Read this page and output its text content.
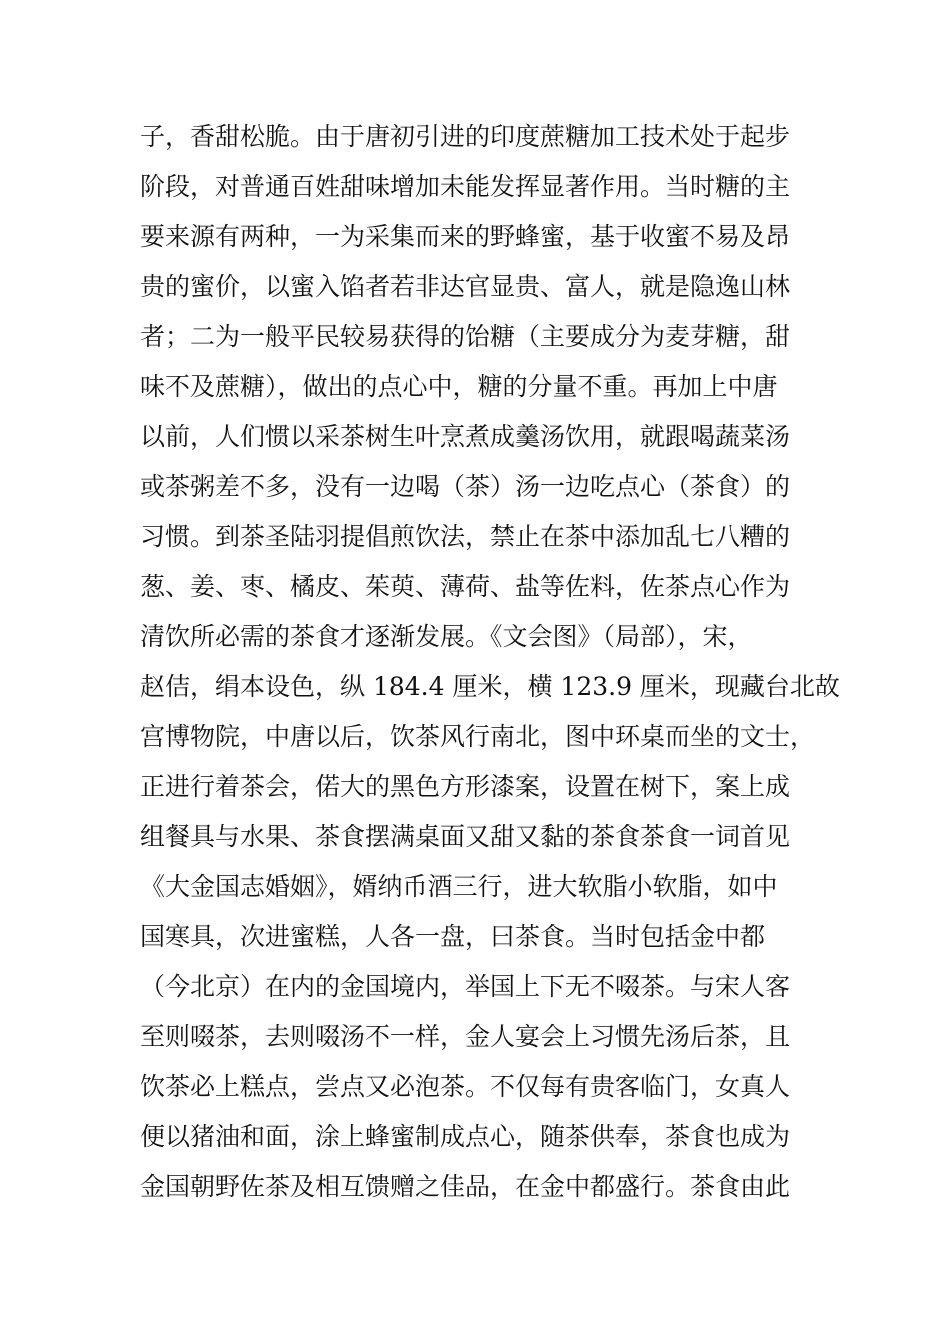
子，香甜松脆。由于唐初引进的印度蔗糖加工技术处于起步
阶段，对普通百姓甜味增加未能发挥显著作用。当时糖的主
要来源有两种，一为采集而来的野蜂蜜，基于收蜜不易及昂
贵的蜜价，以蜜入馅者若非达官显贵、富人，就是隐逸山林
者；二为一般平民较易获得的饴糖（主要成分为麦芽糖，甜
味不及蔗糖），做出的点心中，糖的分量不重。再加上中唐
以前，人们惯以采茶树生叶烹煮成羹汤饮用，就跟喝蔬菜汤
或茶粥差不多，没有一边喝（茶）汤一边吃点心（茶食）的
习惯。到茶圣陆羽提倡煎饮法，禁止在茶中添加乱七八糟的
葱、姜、枣、橘皮、茱萸、薄荷、盐等佐料，佐茶点心作为
清饮所必需的茶食才逐渐发展。《文会图》（局部），宋，
赵佶，绢本设色，纵 184.4 厘米，横 123.9 厘米，现藏台北故
宫博物院，中唐以后，饮茶风行南北，图中环桌而坐的文士，
正进行着茶会，偌大的黑色方形漆案，设置在树下，案上成
组餐具与水果、茶食摆满桌面又甜又黏的茶食茶食一词首见
《大金国志婚姻》，婿纳币酒三行，进大软脂小软脂，如中
国寒具，次进蜜糕，人各一盘，曰茶食。当时包括金中都
（今北京）在内的金国境内，举国上下无不啜茶。与宋人客
至则啜茶，去则啜汤不一样，金人宴会上习惯先汤后茶，且
饮茶必上糕点，尝点又必泡茶。不仅每有贵客临门，女真人
便以猪油和面，涂上蜂蜜制成点心，随茶供奉，茶食也成为
金国朝野佐茶及相互馈赠之佳品，在金中都盛行。茶食由此
